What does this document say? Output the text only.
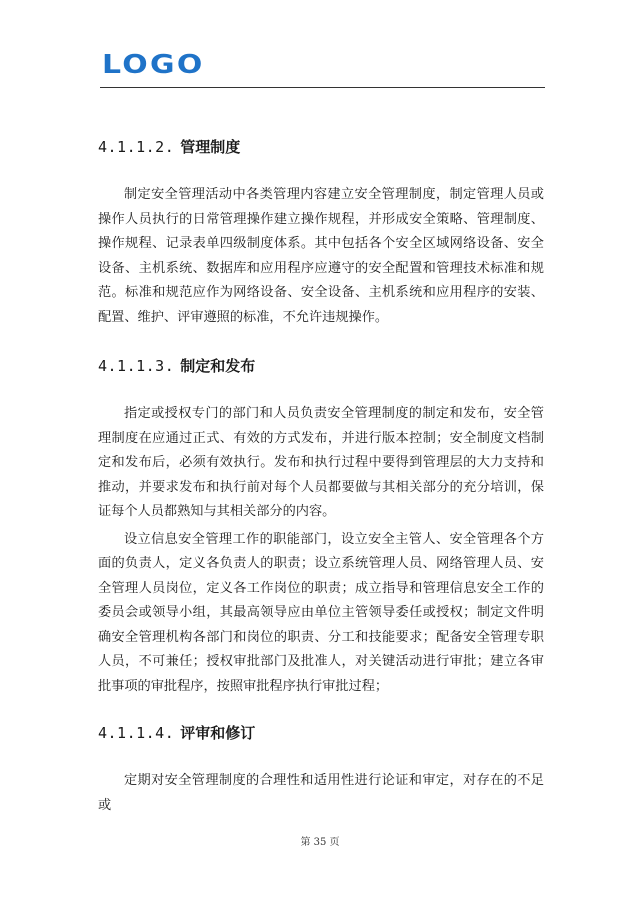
LOGO
4.1.1.2. 管理制度

制定安全管理活动中各类管理内容建立安全管理制度，制定管理人员或操作人员执行的日常管理操作建立操作规程，并形成安全策略、管理制度、操作规程、记录表单四级制度体系。其中包括各个安全区域网络设备、安全设备、主机系统、数据库和应用程序应遵守的安全配置和管理技术标准和规范。标准和规范应作为网络设备、安全设备、主机系统和应用程序的安装、配置、维护、评审遵照的标准，不允许违规操作。

4.1.1.3. 制定和发布

指定或授权专门的部门和人员负责安全管理制度的制定和发布，安全管理制度在应通过正式、有效的方式发布，并进行版本控制；安全制度文档制定和发布后，必须有效执行。发布和执行过程中要得到管理层的大力支持和推动，并要求发布和执行前对每个人员都要做与其相关部分的充分培训，保证每个人员都熟知与其相关部分的内容。

设立信息安全管理工作的职能部门，设立安全主管人、安全管理各个方面的负责人，定义各负责人的职责；设立系统管理人员、网络管理人员、安全管理人员岗位，定义各工作岗位的职责；成立指导和管理信息安全工作的委员会或领导小组，其最高领导应由单位主管领导委任或授权；制定文件明确安全管理机构各部门和岗位的职责、分工和技能要求；配备安全管理专职人员，不可兼任；授权审批部门及批准人，对关键活动进行审批；建立各审批事项的审批程序，按照审批程序执行审批过程；

4.1.1.4. 评审和修订

定期对安全管理制度的合理性和适用性进行论证和审定，对存在的不足或

第 35 页
